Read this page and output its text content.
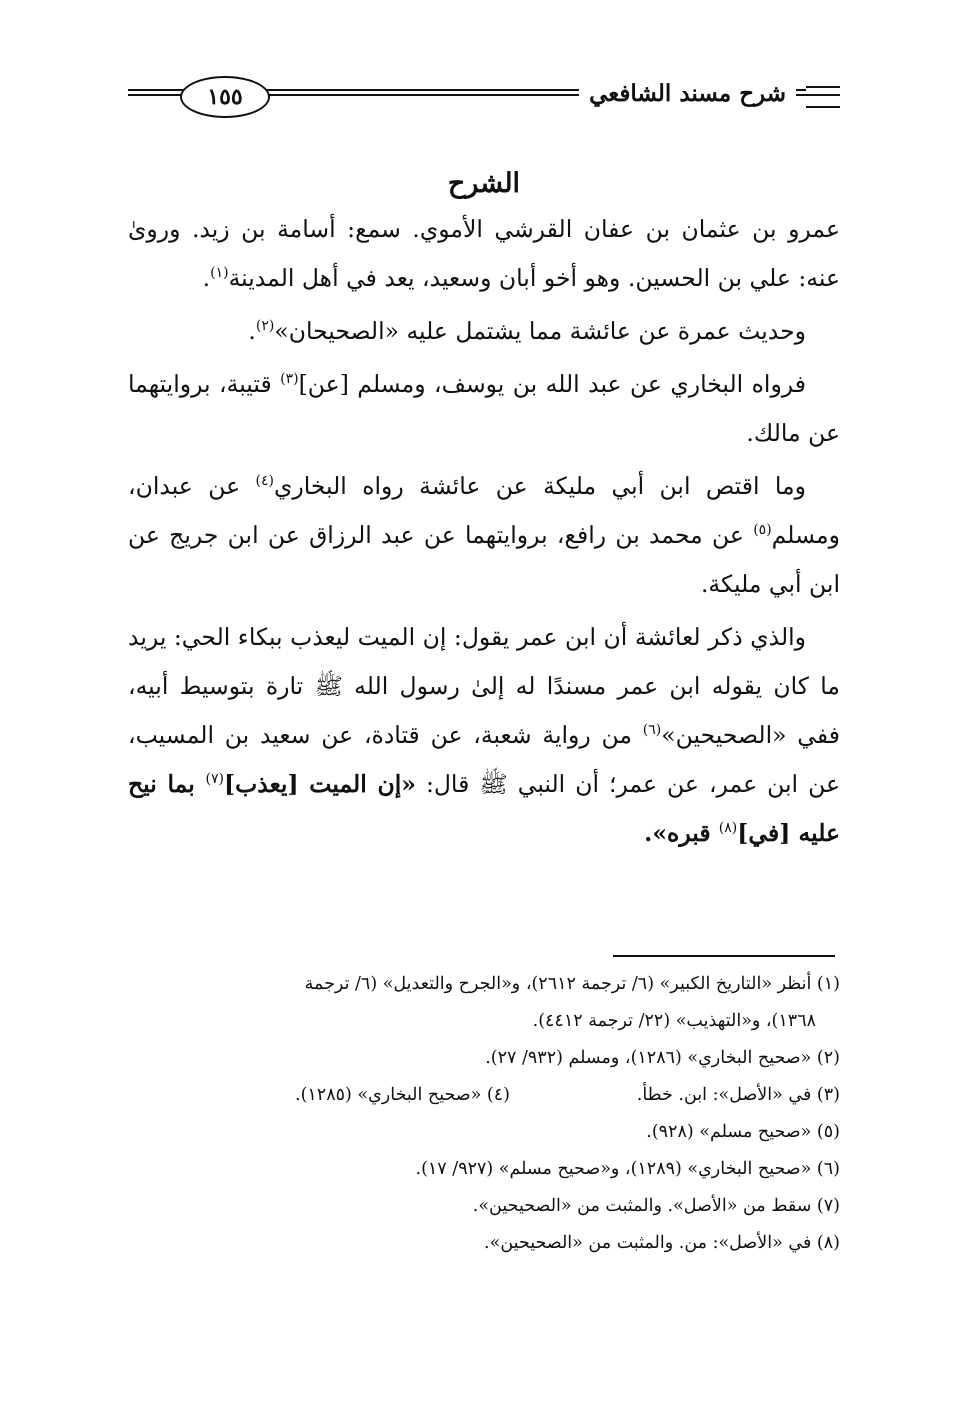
شرح مسند الشافعي
١٥٥
الشرح

عمرو بن عثمان بن عفان القرشي الأموي. سمع: أسامة بن زيد. وروىٰ عنه: علي بن الحسين. وهو أخو أبان وسعيد، يعد في أهل المدينة$^{(١)}$.

وحديث عمرة عن عائشة مما يشتمل عليه «الصحيحان»$^{(٢)}$.

فرواه البخاري عن عبد الله بن يوسف، ومسلم [عن]$^{(٣)}$ قتيبة، بروايتهما عن مالك.

وما اقتص ابن أبي مليكة عن عائشة رواه البخاري$^{(٤)}$ عن عبدان، ومسلم$^{(٥)}$ عن محمد بن رافع، بروايتهما عن عبد الرزاق عن ابن جريج عن ابن أبي مليكة.

والذي ذكر لعائشة أن ابن عمر يقول: إن الميت ليعذب ببكاء الحي: يريد ما كان يقوله ابن عمر مسندًا له إلىٰ رسول الله ﷺ تارة بتوسيط أبيه، ففي «الصحيحين»$^{(٦)}$ من رواية شعبة، عن قتادة، عن سعيد بن المسيب، عن ابن عمر، عن عمر؛ أن النبي ﷺ قال: «إن الميت [يعذب]$^{(٧)}$ بما نيح عليه [في]$^{(٨)}$ قبره».

(١) أنظر «التاريخ الكبير» (٦/ ترجمة ٢٦١٢)، و«الجرح والتعديل» (٦/ ترجمة
١٣٦٨)، و«التهذيب» (٢٢/ ترجمة ٤٤١٢).

(٢) «صحيح البخاري» (١٢٨٦)، ومسلم (٩٣٢/ ٢٧).

(٣) في «الأصل»: ابن. خطأ.
(٤) «صحيح البخاري» (١٢٨٥).

(٥) «صحيح مسلم» (٩٢٨).

(٦) «صحيح البخاري» (١٢٨٩)، و«صحيح مسلم» (٩٢٧/ ١٧).

(٧) سقط من «الأصل». والمثبت من «الصحيحين».

(٨) في «الأصل»: من. والمثبت من «الصحيحين».
